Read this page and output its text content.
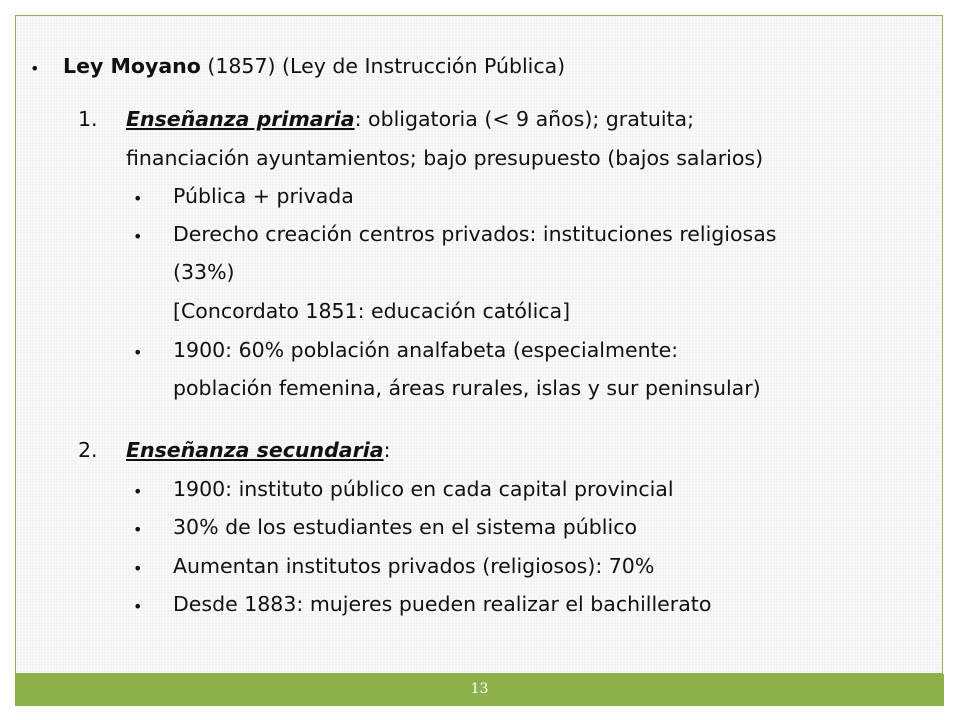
• Ley Moyano (1857) (Ley de Instrucción Pública)
1. Enseñanza primaria: obligatoria (< 9 años); gratuita;
financiación ayuntamientos; bajo presupuesto (bajos salarios)
• Pública + privada
• Derecho creación centros privados: instituciones religiosas
(33%)
[Concordato 1851: educación católica]
• 1900: 60% población analfabeta (especialmente:
población femenina, áreas rurales, islas y sur peninsular)
2. Enseñanza secundaria:
• 1900: instituto público en cada capital provincial
• 30% de los estudiantes en el sistema público
• Aumentan institutos privados (religiosos): 70%
• Desde 1883: mujeres pueden realizar el bachillerato
13
